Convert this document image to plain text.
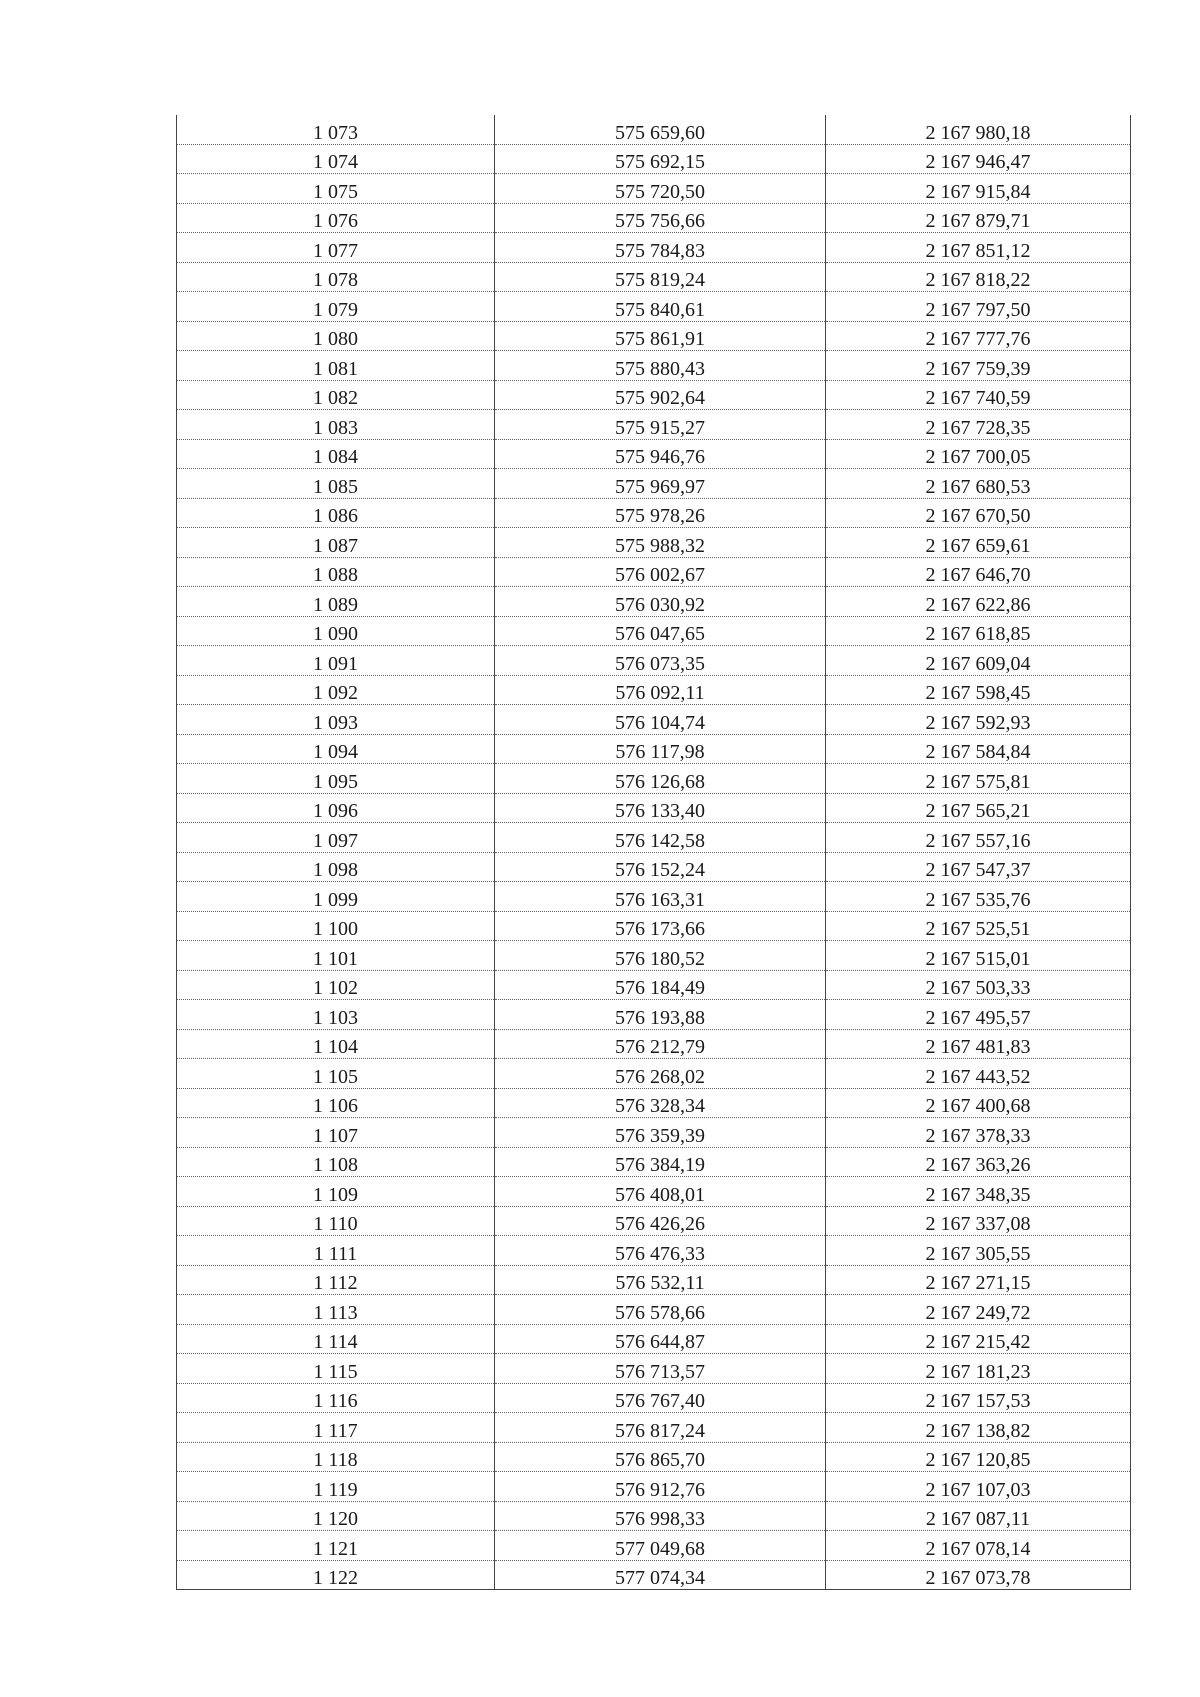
1 073	575 659,60	2 167 980,18
1 074	575 692,15	2 167 946,47
1 075	575 720,50	2 167 915,84
1 076	575 756,66	2 167 879,71
1 077	575 784,83	2 167 851,12
1 078	575 819,24	2 167 818,22
1 079	575 840,61	2 167 797,50
1 080	575 861,91	2 167 777,76
1 081	575 880,43	2 167 759,39
1 082	575 902,64	2 167 740,59
1 083	575 915,27	2 167 728,35
1 084	575 946,76	2 167 700,05
1 085	575 969,97	2 167 680,53
1 086	575 978,26	2 167 670,50
1 087	575 988,32	2 167 659,61
1 088	576 002,67	2 167 646,70
1 089	576 030,92	2 167 622,86
1 090	576 047,65	2 167 618,85
1 091	576 073,35	2 167 609,04
1 092	576 092,11	2 167 598,45
1 093	576 104,74	2 167 592,93
1 094	576 117,98	2 167 584,84
1 095	576 126,68	2 167 575,81
1 096	576 133,40	2 167 565,21
1 097	576 142,58	2 167 557,16
1 098	576 152,24	2 167 547,37
1 099	576 163,31	2 167 535,76
1 100	576 173,66	2 167 525,51
1 101	576 180,52	2 167 515,01
1 102	576 184,49	2 167 503,33
1 103	576 193,88	2 167 495,57
1 104	576 212,79	2 167 481,83
1 105	576 268,02	2 167 443,52
1 106	576 328,34	2 167 400,68
1 107	576 359,39	2 167 378,33
1 108	576 384,19	2 167 363,26
1 109	576 408,01	2 167 348,35
1 110	576 426,26	2 167 337,08
1 111	576 476,33	2 167 305,55
1 112	576 532,11	2 167 271,15
1 113	576 578,66	2 167 249,72
1 114	576 644,87	2 167 215,42
1 115	576 713,57	2 167 181,23
1 116	576 767,40	2 167 157,53
1 117	576 817,24	2 167 138,82
1 118	576 865,70	2 167 120,85
1 119	576 912,76	2 167 107,03
1 120	576 998,33	2 167 087,11
1 121	577 049,68	2 167 078,14
1 122	577 074,34	2 167 073,78
